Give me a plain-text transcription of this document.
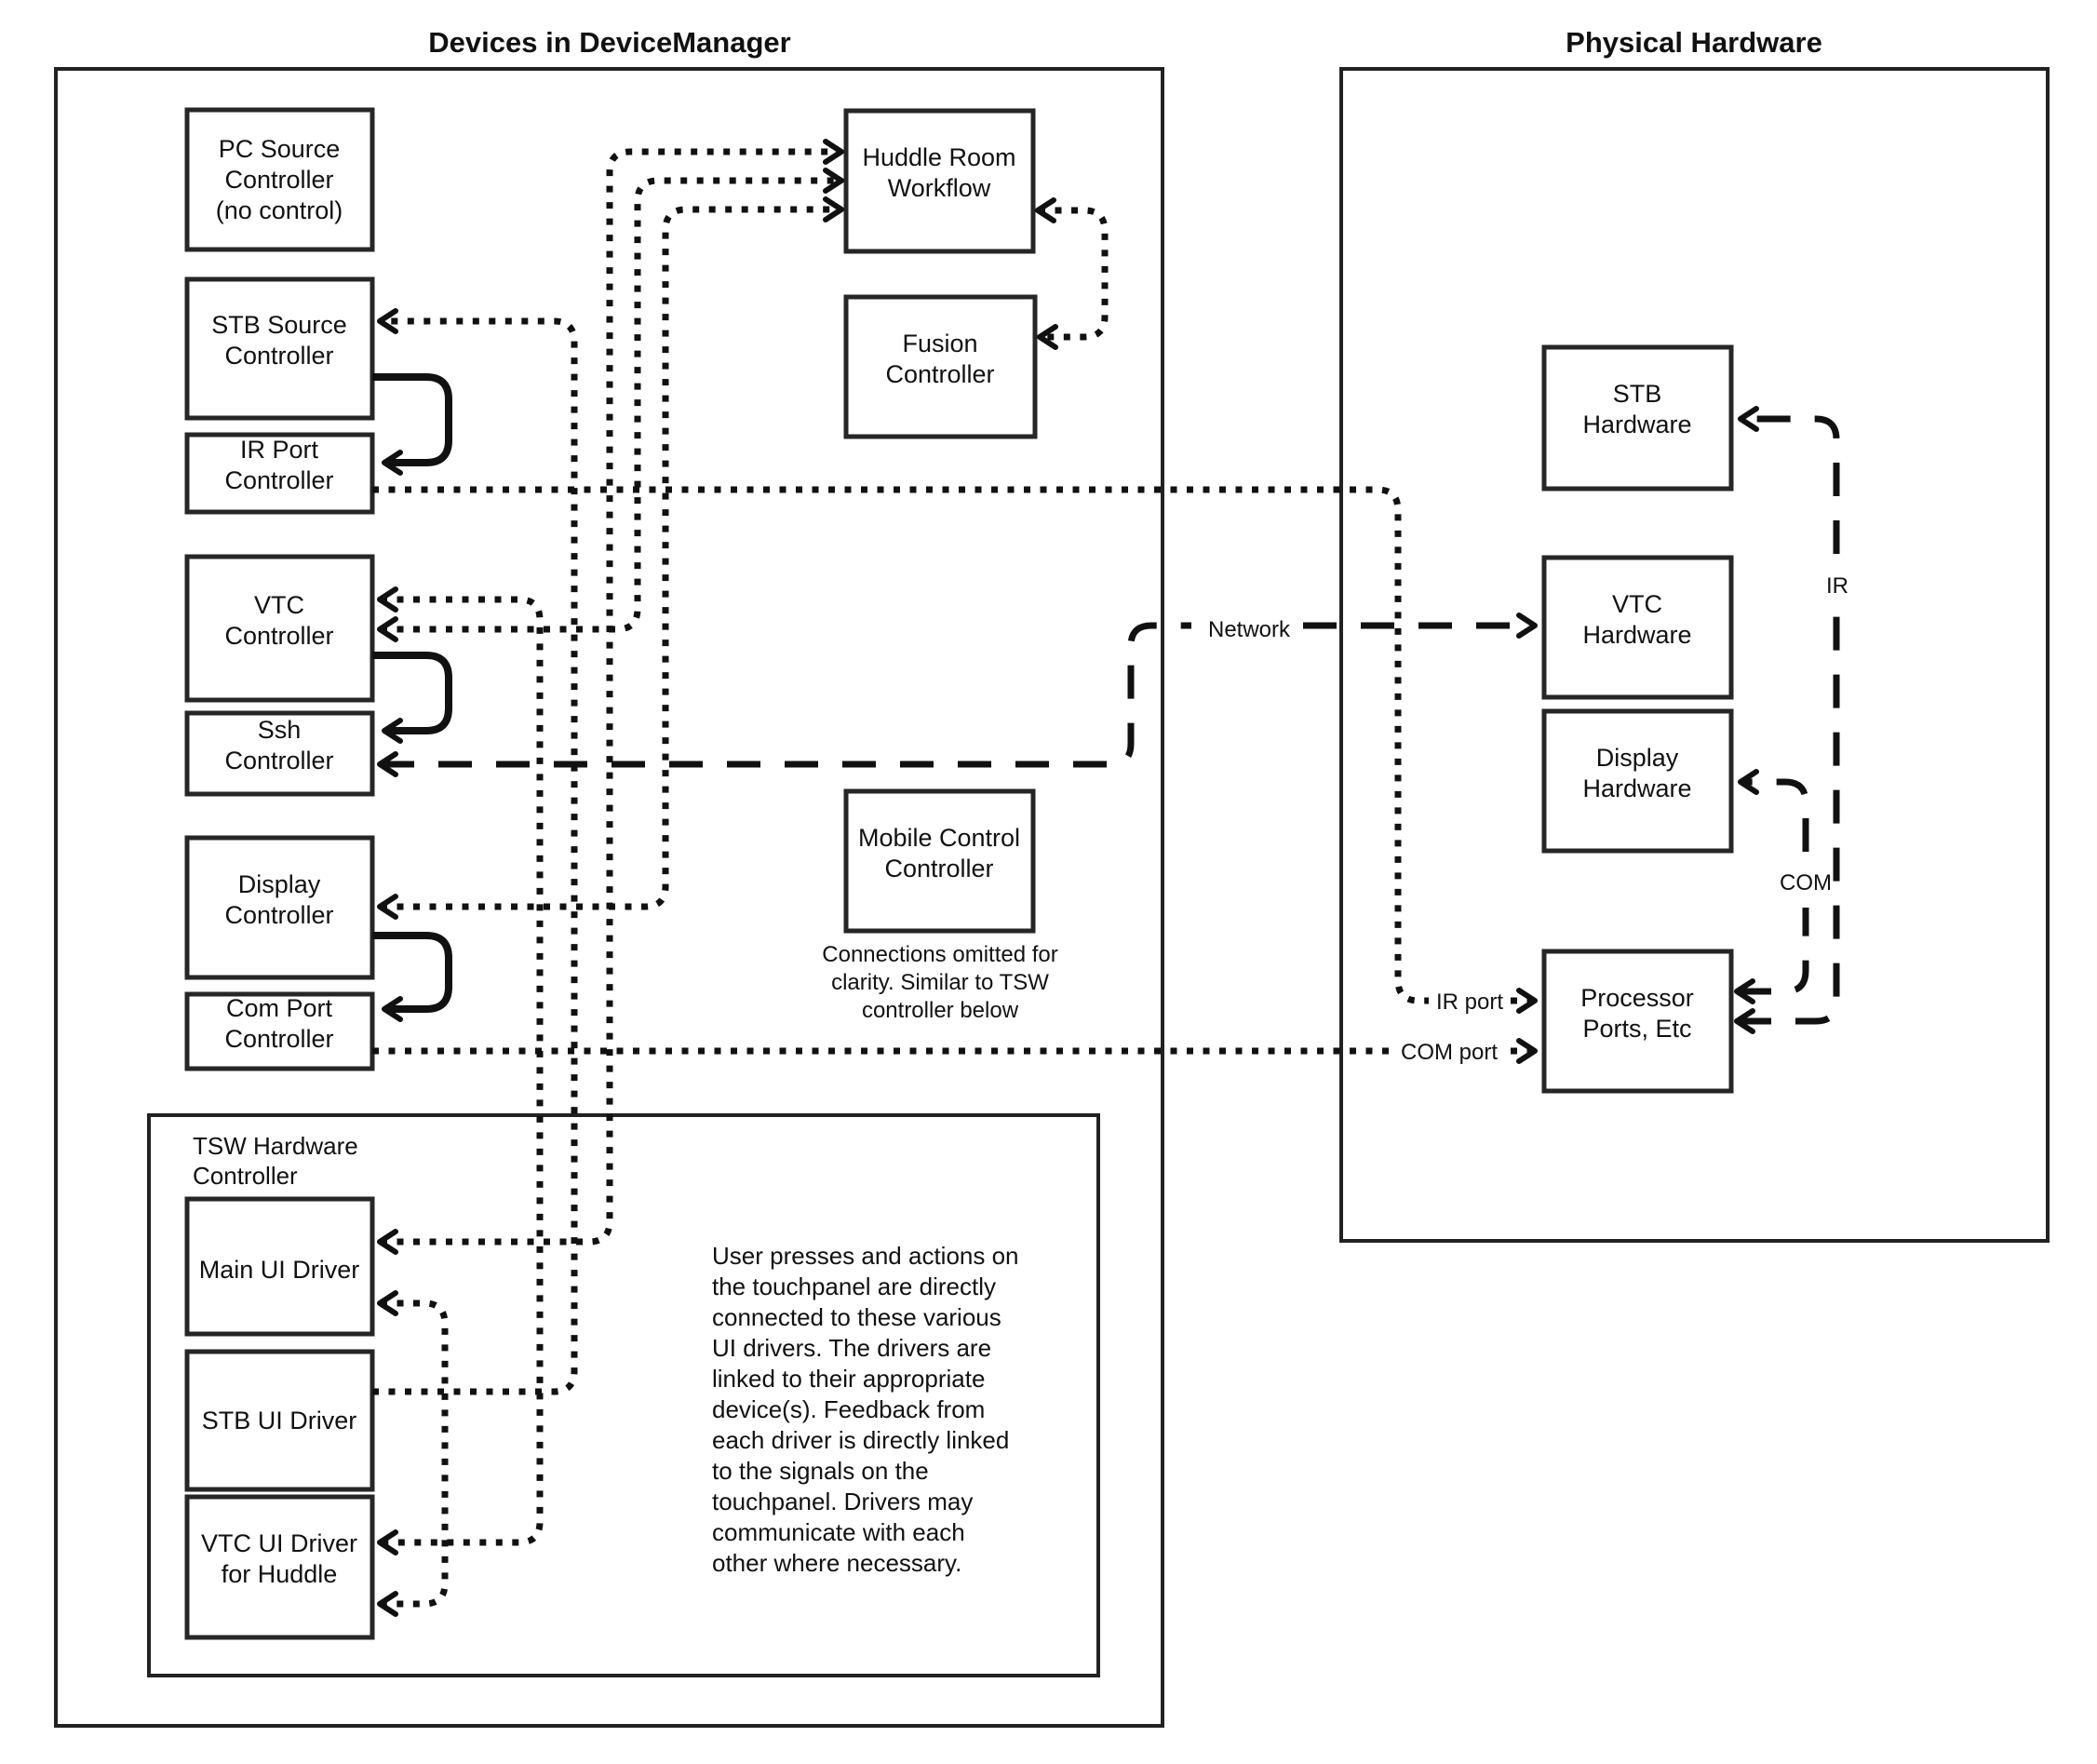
Devices in DeviceManager	Physical Hardware
TSW Hardware
Controller
PC Source
Controller
(no control)
STB Source
Controller
IR Port
Controller
VTC
Controller
Ssh
Controller
Display
Controller
Com Port
Controller
Huddle Room
Workflow
Fusion
Controller
Mobile Control
Controller
Connections omitted for
clarity. Similar to TSW
controller below
Main UI Driver
STB UI Driver
VTC UI Driver
for Huddle
User presses and actions on
the touchpanel are directly
connected to these various
UI drivers. The drivers are
linked to their appropriate
device(s). Feedback from
each driver is directly linked
to the signals on the
touchpanel. Drivers may
communicate with each
other where necessary.
STB
Hardware
VTC
Hardware
Display
Hardware
Processor
Ports, Etc
Network
IR
COM
IR port
COM port
